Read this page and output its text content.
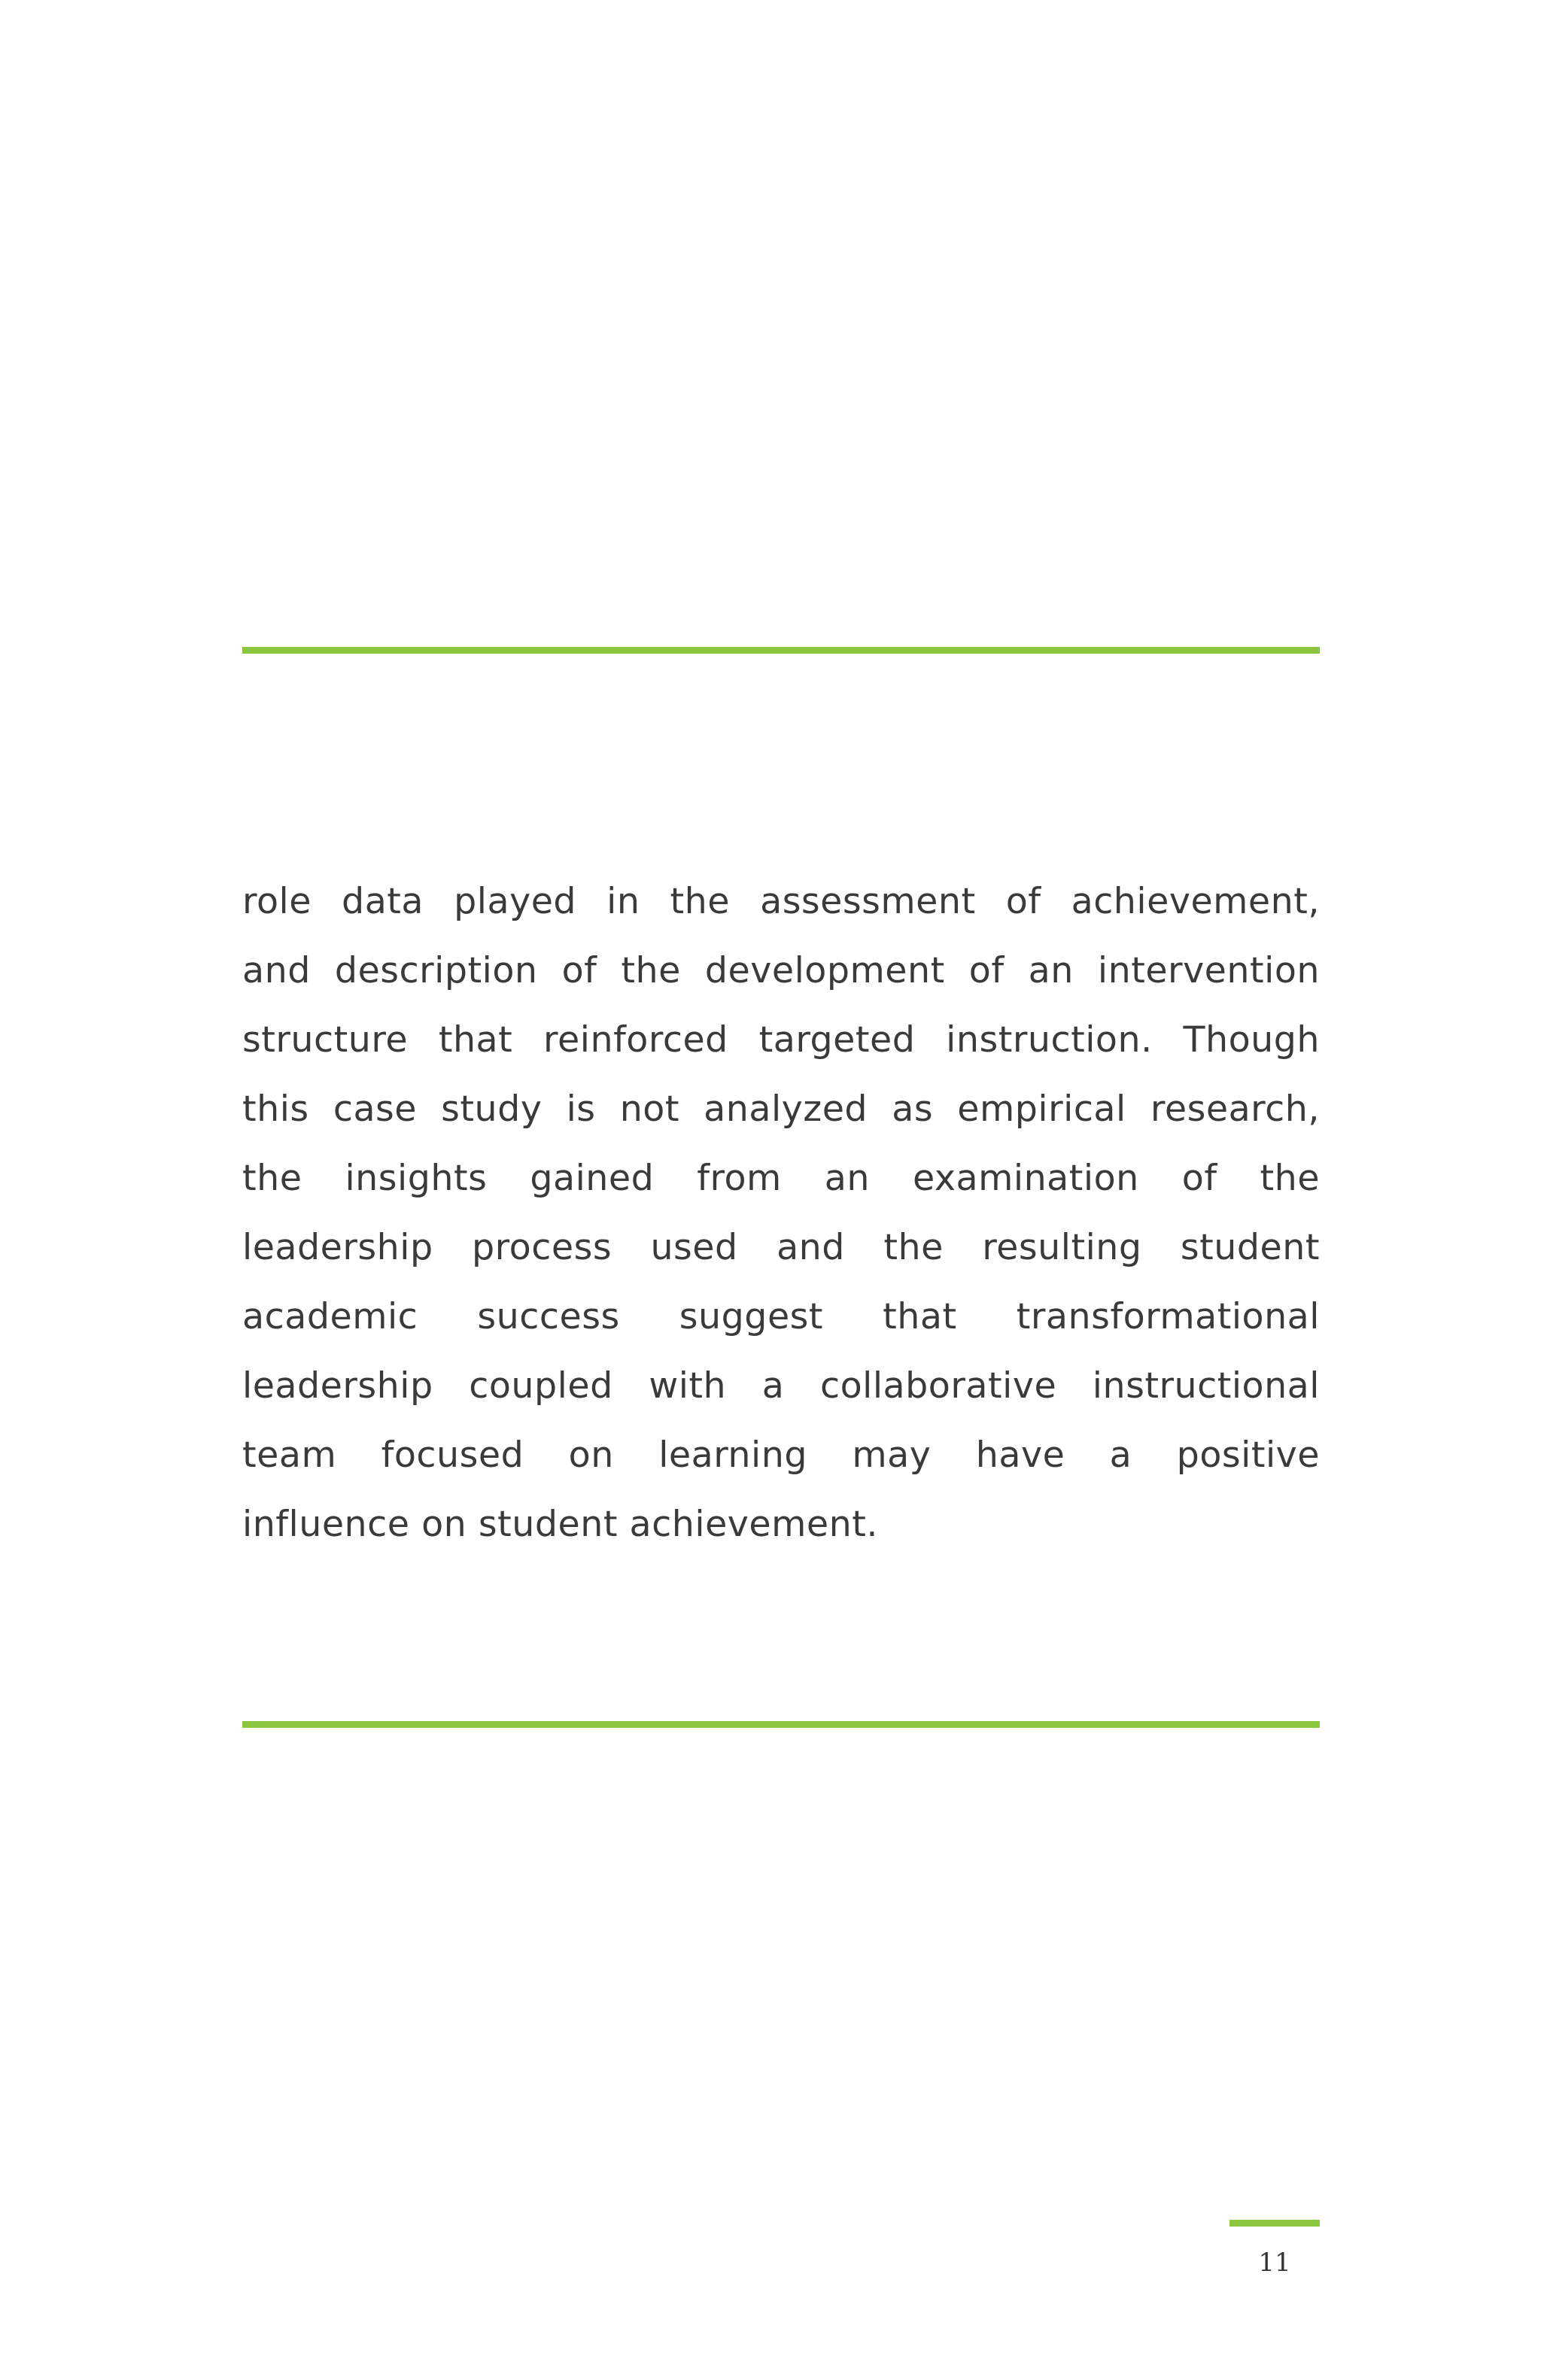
role data played in the assessment of achievement,
and description of the development of an intervention
structure that reinforced targeted instruction. Though
this case study is not analyzed as empirical research,
the insights gained from an examination of the
leadership process used and the resulting student
academic success suggest that transformational
leadership coupled with a collaborative instructional
team focused on learning may have a positive
influence on student achievement.
11
